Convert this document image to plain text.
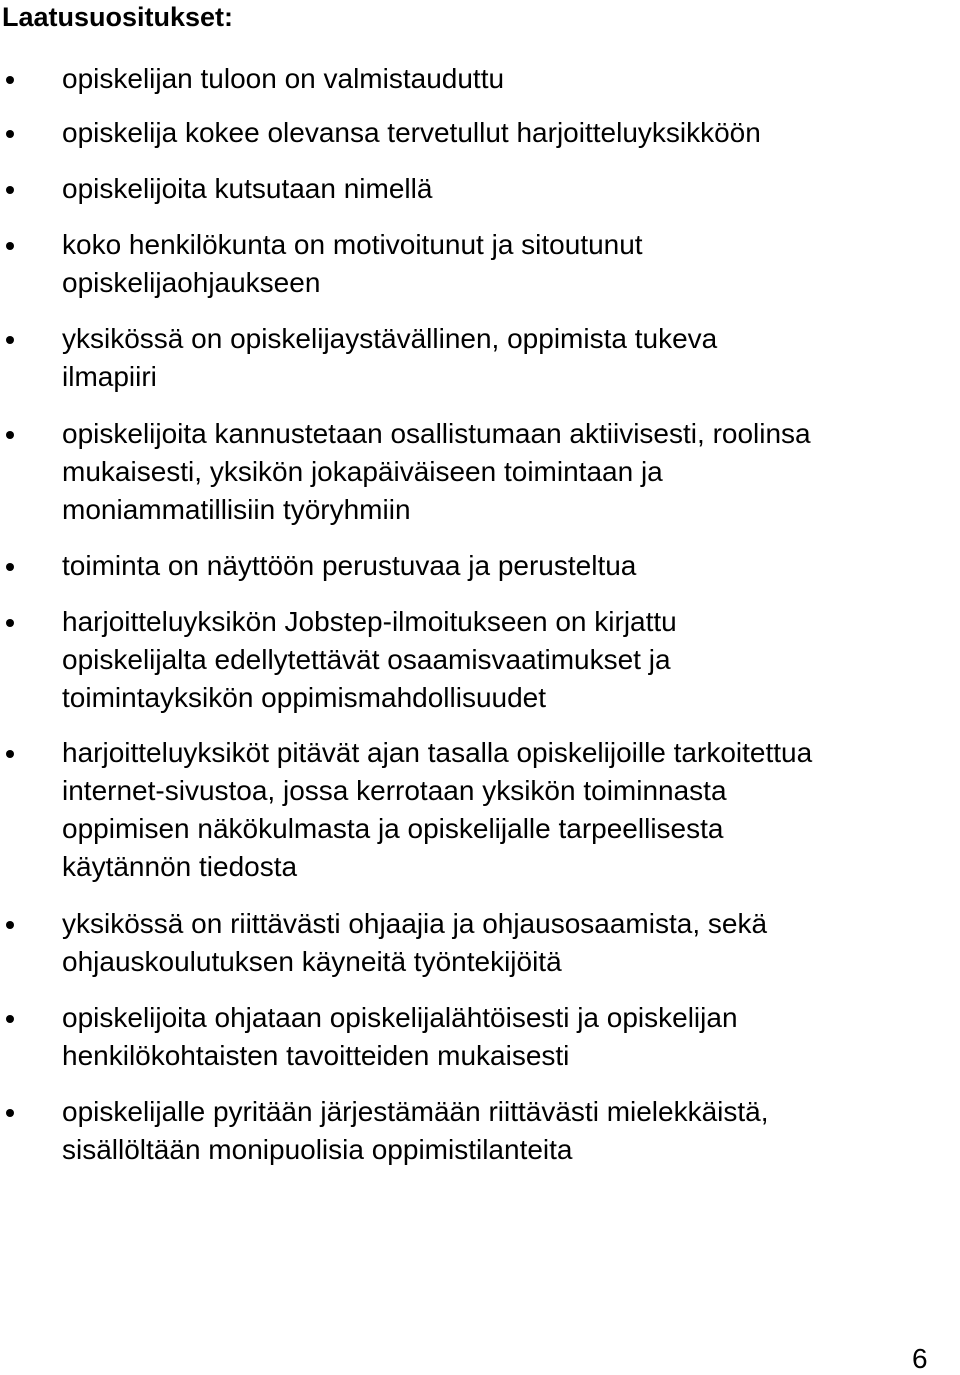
Laatusuositukset:
opiskelijan tuloon on valmistauduttu
opiskelija kokee olevansa tervetullut harjoitteluyksikköön
opiskelijoita kutsutaan nimellä
koko henkilökunta on motivoitunut ja sitoutunut
opiskelijaohjaukseen
yksikössä on opiskelijaystävällinen, oppimista tukeva
ilmapiiri
opiskelijoita kannustetaan osallistumaan aktiivisesti, roolinsa
mukaisesti, yksikön jokapäiväiseen toimintaan ja
moniammatillisiin työryhmiin
toiminta on näyttöön perustuvaa ja perusteltua
harjoitteluyksikön Jobstep-ilmoitukseen on kirjattu
opiskelijalta edellytettävät osaamisvaatimukset ja
toimintayksikön oppimismahdollisuudet
harjoitteluyksiköt pitävät ajan tasalla opiskelijoille tarkoitettua
internet-sivustoa, jossa kerrotaan yksikön toiminnasta
oppimisen näkökulmasta ja opiskelijalle tarpeellisesta
käytännön tiedosta
yksikössä on riittävästi ohjaajia ja ohjausosaamista, sekä
ohjauskoulutuksen käyneitä työntekijöitä
opiskelijoita ohjataan opiskelijalähtöisesti ja opiskelijan
henkilökohtaisten tavoitteiden mukaisesti
opiskelijalle pyritään järjestämään riittävästi mielekkäistä,
sisällöltään monipuolisia oppimistilanteita
6
